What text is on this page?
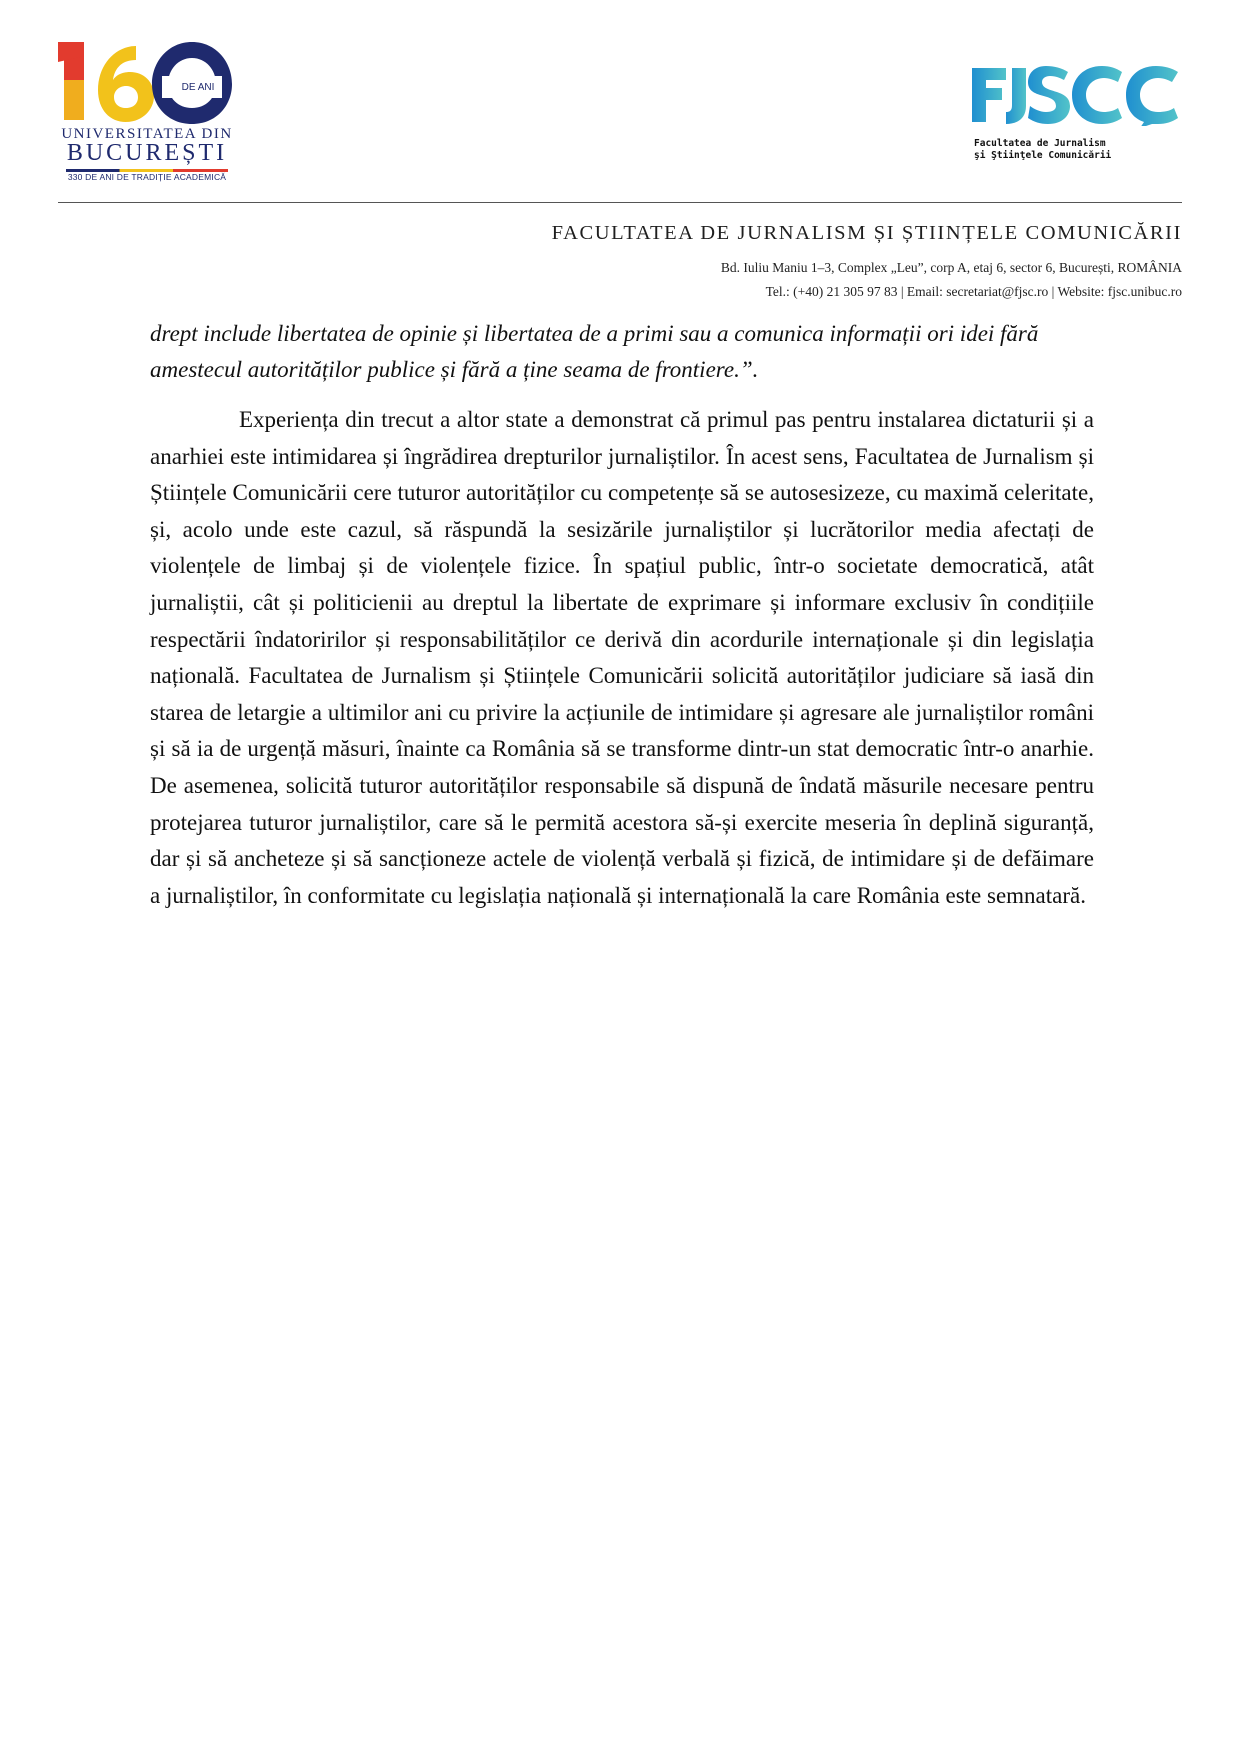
DE ANI
UNIVERSITATEA DIN
BUCUREȘTI
330 DE ANI DE TRADIȚIE ACADEMICĂ
Facultatea de Jurnalism
şi Ştiinţele Comunicării
FACULTATEA DE JURNALISM ȘI ȘTIINȚELE COMUNICĂRII
Bd. Iuliu Maniu 1–3, Complex „Leu”, corp A, etaj 6, sector 6, București, ROMÂNIA
Tel.: (+40) 21 305 97 83 | Email: secretariat@fjsc.ro | Website: fjsc.unibuc.ro

drept include libertatea de opinie și libertatea de a primi sau a comunica informații ori idei fără amestecul autorităților publice și fără a ține seama de frontiere.”.

Experiența din trecut a altor state a demonstrat că primul pas pentru instalarea dictaturii și a anarhiei este intimidarea și îngrădirea drepturilor jurnaliștilor. În acest sens, Facultatea de Jurnalism și Științele Comunicării cere tuturor autorităților cu competențe să se autosesizeze, cu maximă celeritate, și, acolo unde este cazul, să răspundă la sesizările jurnaliștilor și lucrătorilor media afectați de violențele de limbaj și de violențele fizice. În spațiul public, într-o societate democratică, atât jurnaliștii, cât și politicienii au dreptul la libertate de exprimare și informare exclusiv în condițiile respectării îndatoririlor și responsabilităților ce derivă din acordurile internaționale și din legislația națională. Facultatea de Jurnalism și Științele Comunicării solicită autorităților judiciare să iasă din starea de letargie a ultimilor ani cu privire la acțiunile de intimidare și agresare ale jurnaliștilor români și să ia de urgență măsuri, înainte ca România să se transforme dintr-un stat democratic într-o anarhie. De asemenea, solicită tuturor autorităților responsabile să dispună de îndată măsurile necesare pentru protejarea tuturor jurnaliștilor, care să le permită acestora să-și exercite meseria în deplină siguranță, dar și să ancheteze și să sancționeze actele de violență verbală și fizică, de intimidare și de defăimare a jurnaliștilor, în conformitate cu legislația națională și internațională la care România este semnatară.
